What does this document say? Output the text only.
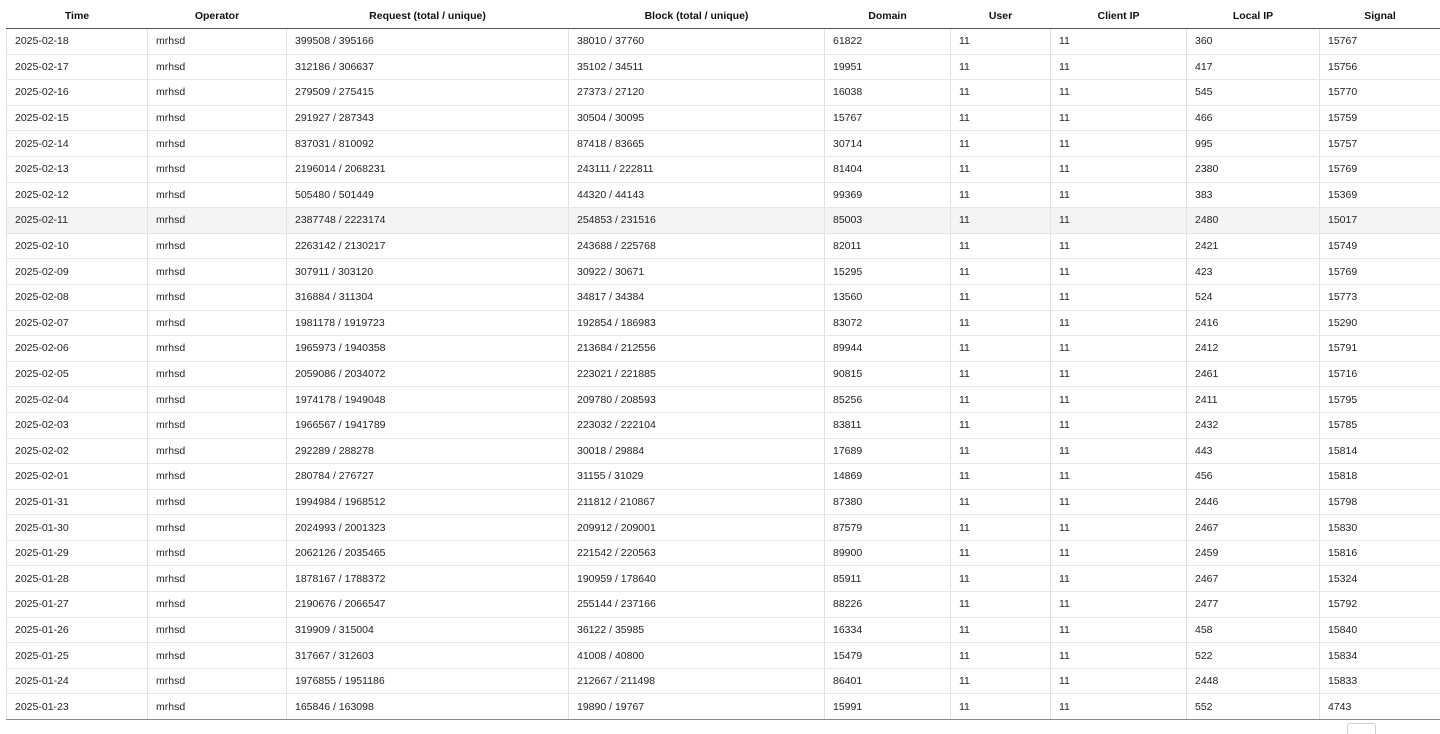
Time	Operator	Request (total / unique)	Block (total / unique)	Domain	User	Client IP	Local IP	Signal
2025-02-18	mrhsd	399508 / 395166	38010 / 37760	61822	11	11	360	15767
2025-02-17	mrhsd	312186 / 306637	35102 / 34511	19951	11	11	417	15756
2025-02-16	mrhsd	279509 / 275415	27373 / 27120	16038	11	11	545	15770
2025-02-15	mrhsd	291927 / 287343	30504 / 30095	15767	11	11	466	15759
2025-02-14	mrhsd	837031 / 810092	87418 / 83665	30714	11	11	995	15757
2025-02-13	mrhsd	2196014 / 2068231	243111 / 222811	81404	11	11	2380	15769
2025-02-12	mrhsd	505480 / 501449	44320 / 44143	99369	11	11	383	15369
2025-02-11	mrhsd	2387748 / 2223174	254853 / 231516	85003	11	11	2480	15017
2025-02-10	mrhsd	2263142 / 2130217	243688 / 225768	82011	11	11	2421	15749
2025-02-09	mrhsd	307911 / 303120	30922 / 30671	15295	11	11	423	15769
2025-02-08	mrhsd	316884 / 311304	34817 / 34384	13560	11	11	524	15773
2025-02-07	mrhsd	1981178 / 1919723	192854 / 186983	83072	11	11	2416	15290
2025-02-06	mrhsd	1965973 / 1940358	213684 / 212556	89944	11	11	2412	15791
2025-02-05	mrhsd	2059086 / 2034072	223021 / 221885	90815	11	11	2461	15716
2025-02-04	mrhsd	1974178 / 1949048	209780 / 208593	85256	11	11	2411	15795
2025-02-03	mrhsd	1966567 / 1941789	223032 / 222104	83811	11	11	2432	15785
2025-02-02	mrhsd	292289 / 288278	30018 / 29884	17689	11	11	443	15814
2025-02-01	mrhsd	280784 / 276727	31155 / 31029	14869	11	11	456	15818
2025-01-31	mrhsd	1994984 / 1968512	211812 / 210867	87380	11	11	2446	15798
2025-01-30	mrhsd	2024993 / 2001323	209912 / 209001	87579	11	11	2467	15830
2025-01-29	mrhsd	2062126 / 2035465	221542 / 220563	89900	11	11	2459	15816
2025-01-28	mrhsd	1878167 / 1788372	190959 / 178640	85911	11	11	2467	15324
2025-01-27	mrhsd	2190676 / 2066547	255144 / 237166	88226	11	11	2477	15792
2025-01-26	mrhsd	319909 / 315004	36122 / 35985	16334	11	11	458	15840
2025-01-25	mrhsd	317667 / 312603	41008 / 40800	15479	11	11	522	15834
2025-01-24	mrhsd	1976855 / 1951186	212667 / 211498	86401	11	11	2448	15833
2025-01-23	mrhsd	165846 / 163098	19890 / 19767	15991	11	11	552	4743
